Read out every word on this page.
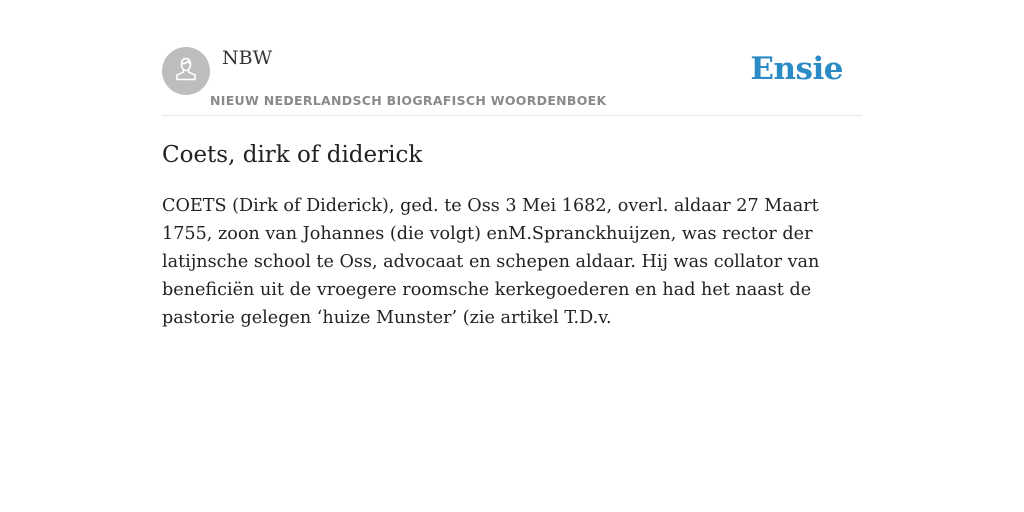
NBW
NIEUW NEDERLANDSCH BIOGRAFISCH WOORDENBOEK
Ensie
Coets, dirk of diderick

COETS (Dirk of Diderick), ged. te Oss 3 Mei 1682, overl. aldaar 27 Maart 1755, zoon van Johannes (die volgt) enM.Spranckhuijzen, was rector der latijnsche school te Oss, advocaat en schepen aldaar. Hij was collator van beneficiën uit de vroegere roomsche kerkegoederen en had het naast de pastorie gelegen ‘huize Munster’ (zie artikel T.D.v.
